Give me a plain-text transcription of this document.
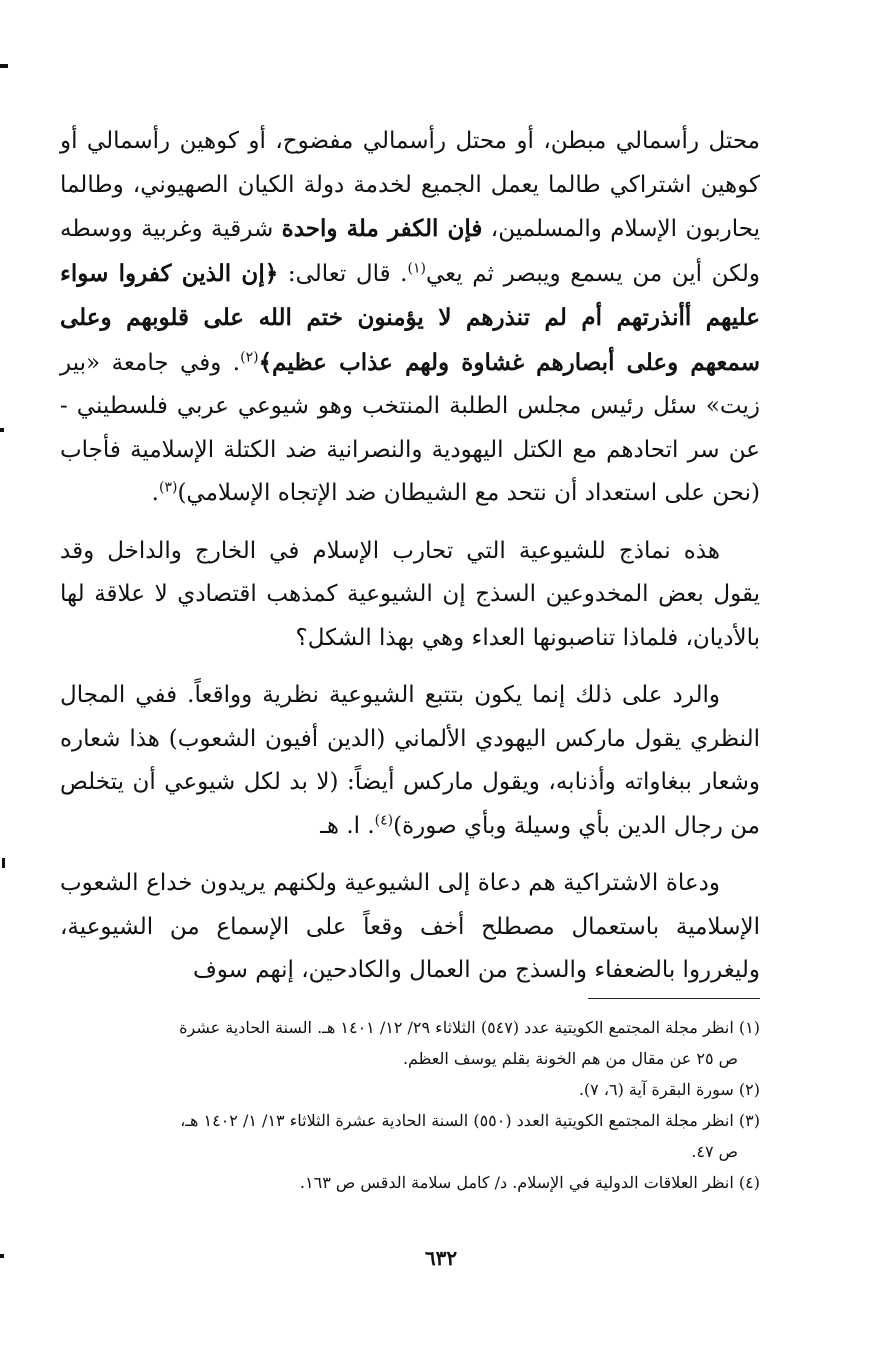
محتل رأسمالي مبطن، أو محتل رأسمالي مفضوح، أو كوهين رأسمالي أو كوهين اشتراكي طالما يعمل الجميع لخدمة دولة الكيان الصهيوني، وطالما يحاربون الإسلام والمسلمين، فإن الكفر ملة واحدة شرقية وغربية ووسطه ولكن أين من يسمع ويبصر ثم يعي$^{(١)}$. قال تعالى: ﴿إن الذين كفروا سواء عليهم أأنذرتهم أم لم تنذرهم لا يؤمنون ختم الله على قلوبهم وعلى سمعهم وعلى أبصارهم غشاوة ولهم عذاب عظيم﴾$^{(٢)}$. وفي جامعة «بير زيت» سئل رئيس مجلس الطلبة المنتخب وهو شيوعي عربي فلسطيني - عن سر اتحادهم مع الكتل اليهودية والنصرانية ضد الكتلة الإسلامية فأجاب (نحن على استعداد أن نتحد مع الشيطان ضد الإتجاه الإسلامي)$^{(٣)}$.

هذه نماذج للشيوعية التي تحارب الإسلام في الخارج والداخل وقد يقول بعض المخدوعين السذج إن الشيوعية كمذهب اقتصادي لا علاقة لها بالأديان، فلماذا تناصبونها العداء وهي بهذا الشكل؟

والرد على ذلك إنما يكون بتتبع الشيوعية نظرية وواقعاً. ففي المجال النظري يقول ماركس اليهودي الألماني (الدين أفيون الشعوب) هذا شعاره وشعار ببغاواته وأذنابه، ويقول ماركس أيضاً: (لا بد لكل شيوعي أن يتخلص من رجال الدين بأي وسيلة وبأي صورة)$^{(٤)}$. ا. هـ

ودعاة الاشتراكية هم دعاة إلى الشيوعية ولكنهم يريدون خداع الشعوب الإسلامية باستعمال مصطلح أخف وقعاً على الإسماع من الشيوعية، وليغرروا بالضعفاء والسذج من العمال والكادحين، إنهم سوف

(١) انظر مجلة المجتمع الكويتية عدد (٥٤٧) الثلاثاء ٢٩/ ١٢/ ١٤٠١ هـ. السنة الحادية عشرة
ص ٢٥ عن مقال من هم الخونة بقلم يوسف العظم.
(٢) سورة البقرة آية (٦، ٧).
(٣) انظر مجلة المجتمع الكويتية العدد (٥٥٠) السنة الحادية عشرة الثلاثاء ١٣/ ١/ ١٤٠٢ هـ،
ص ٤٧.
(٤) انظر العلاقات الدولية في الإسلام. د/ كامل سلامة الدقس ص ١٦٣.
٦٣٢
